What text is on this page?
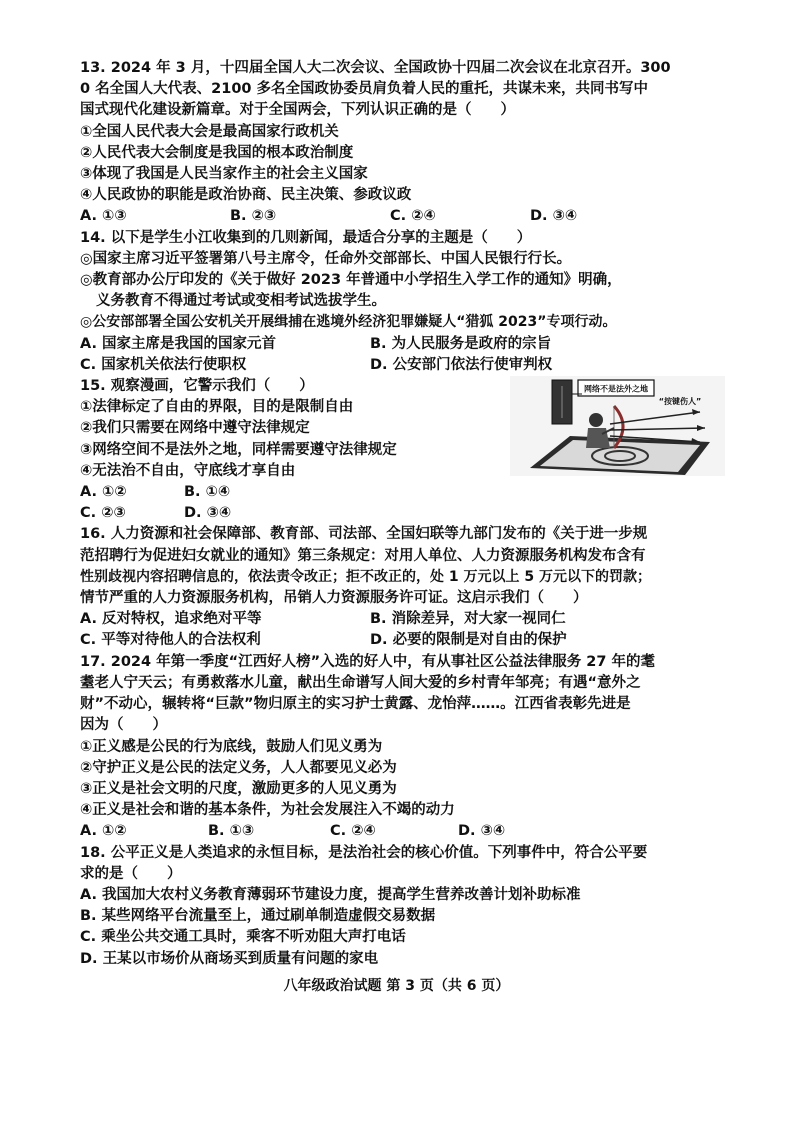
13. 2024 年 3 月，十四届全国人大二次会议、全国政协十四届二次会议在北京召开。300
0 名全国人大代表、2100 多名全国政协委员肩负着人民的重托，共谋未来，共同书写中
国式现代化建设新篇章。对于全国两会，下列认识正确的是（　　）
①全国人民代表大会是最高国家行政机关
②人民代表大会制度是我国的根本政治制度
③体现了我国是人民当家作主的社会主义国家
④人民政协的职能是政治协商、民主决策、参政议政
A. ①③	B. ②③	C. ②④	D. ③④
14. 以下是学生小江收集到的几则新闻，最适合分享的主题是（　　）
◎国家主席习近平签署第八号主席令，任命外交部部长、中国人民银行行长。
◎教育部办公厅印发的《关于做好 2023 年普通中小学招生入学工作的通知》明确，
义务教育不得通过考试或变相考试选拔学生。
◎公安部部署全国公安机关开展缉捕在逃境外经济犯罪嫌疑人“猎狐 2023”专项行动。
A. 国家主席是我国的国家元首	B. 为人民服务是政府的宗旨
C. 国家机关依法行使职权	D. 公安部门依法行使审判权
15. 观察漫画，它警示我们（　　）
①法律标定了自由的界限，目的是限制自由
②我们只需要在网络中遵守法律规定
③网络空间不是法外之地，同样需要遵守法律规定
④无法治不自由，守底线才享自由
A. ①②	B. ①④
C. ②③	D. ③④
网络不是法外之地
“按键伤人”
16. 人力资源和社会保障部、教育部、司法部、全国妇联等九部门发布的《关于进一步规
范招聘行为促进妇女就业的通知》第三条规定：对用人单位、人力资源服务机构发布含有
性别歧视内容招聘信息的，依法责令改正；拒不改正的，处 1 万元以上 5 万元以下的罚款；
情节严重的人力资源服务机构，吊销人力资源服务许可证。这启示我们（　　）
A. 反对特权，追求绝对平等	B. 消除差异，对大家一视同仁
C. 平等对待他人的合法权利	D. 必要的限制是对自由的保护
17. 2024 年第一季度“江西好人榜”入选的好人中，有从事社区公益法律服务 27 年的耄
耋老人宁天云；有勇救落水儿童，献出生命谱写人间大爱的乡村青年邹亮；有遇“意外之
财”不动心，辗转将“巨款”物归原主的实习护士黄露、龙怡萍……。江西省表彰先进是
因为（　　）
①正义感是公民的行为底线，鼓励人们见义勇为
②守护正义是公民的法定义务，人人都要见义必为
③正义是社会文明的尺度，激励更多的人见义勇为
④正义是社会和谐的基本条件，为社会发展注入不竭的动力
A. ①②	B. ①③	C. ②④	D. ③④
18. 公平正义是人类追求的永恒目标，是法治社会的核心价值。下列事件中，符合公平要
求的是（　　）
A. 我国加大农村义务教育薄弱环节建设力度，提高学生营养改善计划补助标准
B. 某些网络平台流量至上，通过刷单制造虚假交易数据
C. 乘坐公共交通工具时，乘客不听劝阻大声打电话
D. 王某以市场价从商场买到质量有问题的家电
八年级政治试题 第 3 页（共 6 页）
